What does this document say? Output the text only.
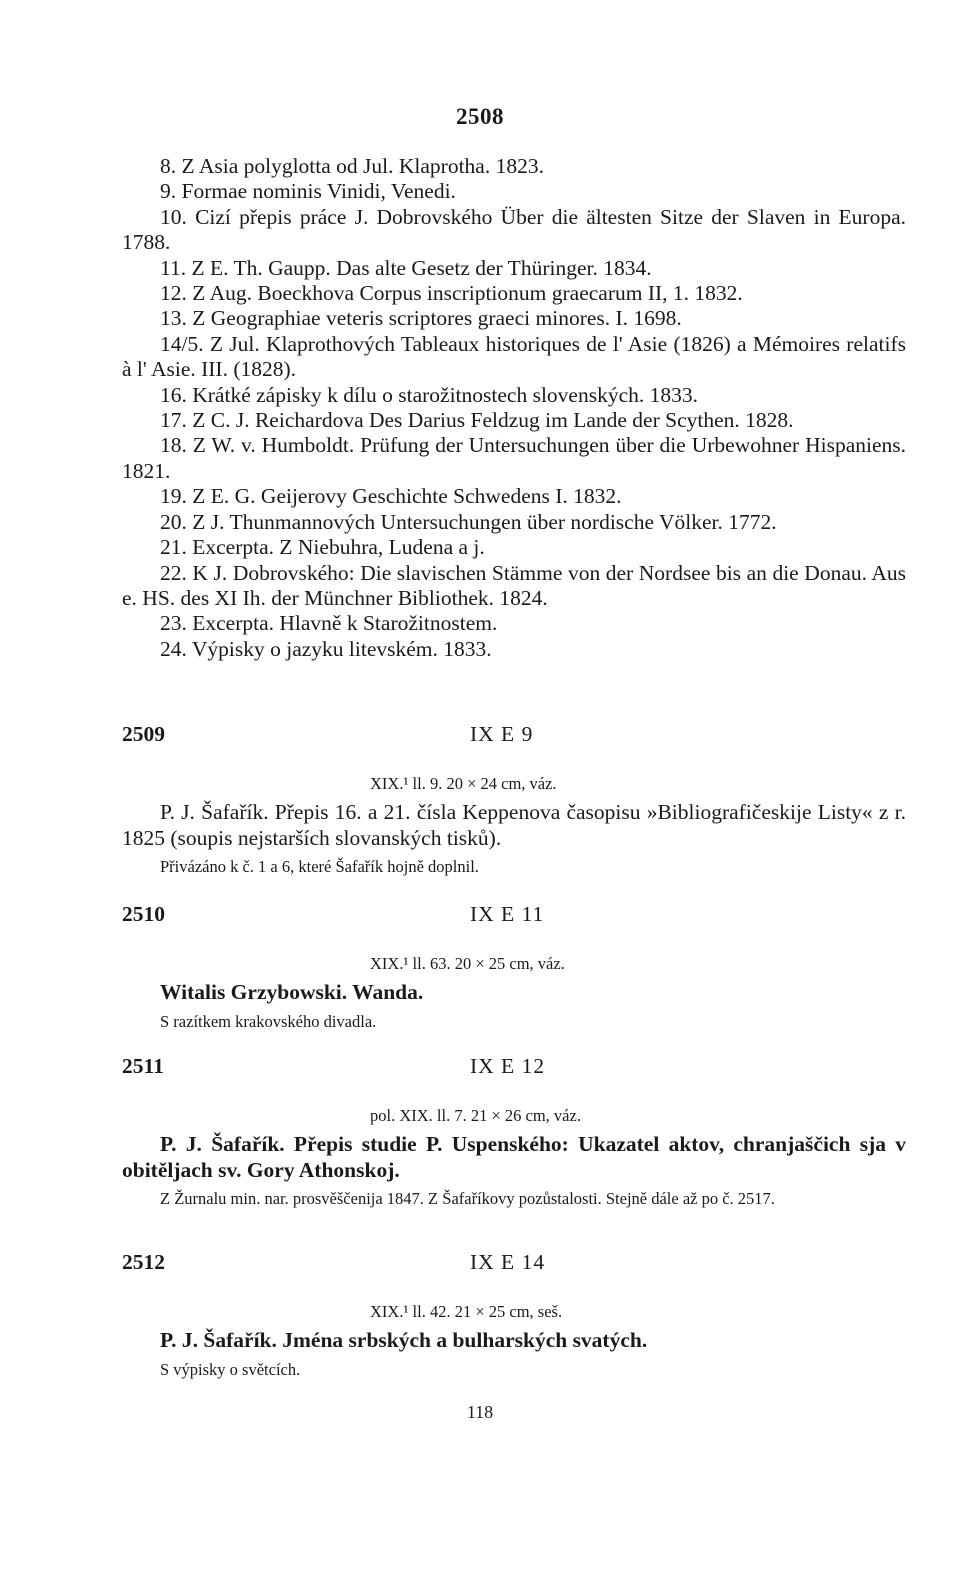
2508

8. Z Asia polyglotta od Jul. Klaprotha. 1823.

9. Formae nominis Vinidi, Venedi.

10. Cizí přepis práce J. Dobrovského Über die ältesten Sitze der Slaven in Europa. 1788.

11. Z E. Th. Gaupp. Das alte Gesetz der Thüringer. 1834.

12. Z Aug. Boeckhova Corpus inscriptionum graecarum II, 1. 1832.

13. Z Geographiae veteris scriptores graeci minores. I. 1698.

14/5. Z Jul. Klaprothových Tableaux historiques de l' Asie (1826) a Mémoires relatifs à l' Asie. III. (1828).

16. Krátké zápisky k dílu o starožitnostech slovenských. 1833.

17. Z C. J. Reichardova Des Darius Feldzug im Lande der Scythen. 1828.

18. Z W. v. Humboldt. Prüfung der Untersuchungen über die Urbewohner Hispaniens. 1821.

19. Z E. G. Geijerovy Geschichte Schwedens I. 1832.

20. Z J. Thunmannových Untersuchungen über nordische Völker. 1772.

21. Excerpta. Z Niebuhra, Ludena a j.

22. K J. Dobrovského: Die slavischen Stämme von der Nordsee bis an die Donau. Aus e. HS. des XI Ih. der Münchner Bibliothek. 1824.

23. Excerpta. Hlavně k Starožitnostem.

24. Výpisky o jazyku litevském. 1833.

2509	IX E 9
XIX.¹ ll. 9. 20 × 24 cm, váz.

P. J. Šafařík. Přepis 16. a 21. čísla Keppenova časopisu »Bibliografičeskije Listy« z r. 1825 (soupis nejstarších slovanských tisků).

Přivázáno k č. 1 a 6, které Šafařík hojně doplnil.

2510	IX E 11
XIX.¹ ll. 63. 20 × 25 cm, váz.

Witalis Grzybowski. Wanda.

S razítkem krakovského divadla.

2511	IX E 12
pol. XIX. ll. 7. 21 × 26 cm, váz.

P. J. Šafařík. Přepis studie P. Uspenského: Ukazatel aktov, chranjaščich sja v obitěljach sv. Gory Athonskoj.

Z Žurnalu min. nar. prosvěščenija 1847. Z Šafaříkovy pozůstalosti. Stejně dále až po č. 2517.

2512	IX E 14
XIX.¹ ll. 42. 21 × 25 cm, seš.

P. J. Šafařík. Jména srbských a bulharských svatých.

S výpisky o světcích.

118
